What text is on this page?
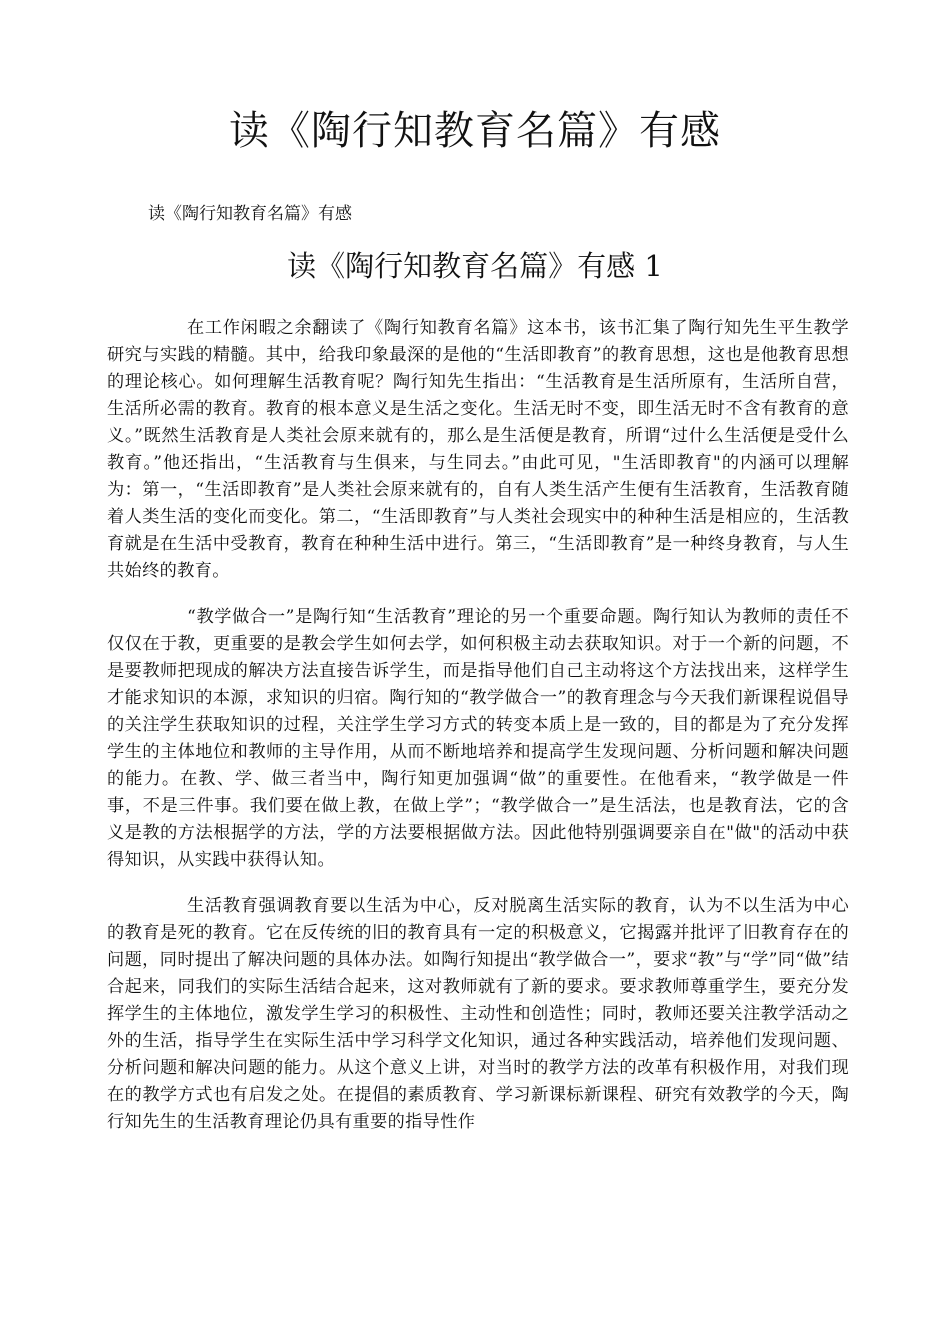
读《陶行知教育名篇》有感

读《陶行知教育名篇》有感

读《陶行知教育名篇》有感 1

在工作闲暇之余翻读了《陶行知教育名篇》这本书，该书汇集了陶行知先生平生教学研究与实践的精髓。其中，给我印象最深的是他的“生活即教育”的教育思想，这也是他教育思想的理论核心。如何理解生活教育呢？陶行知先生指出：“生活教育是生活所原有，生活所自营，生活所必需的教育。教育的根本意义是生活之变化。生活无时不变，即生活无时不含有教育的意义。”既然生活教育是人类社会原来就有的，那么是生活便是教育，所谓“过什么生活便是受什么教育。”他还指出，“生活教育与生俱来，与生同去。”由此可见，"生活即教育"的内涵可以理解为：第一，“生活即教育”是人类社会原来就有的，自有人类生活产生便有生活教育，生活教育随着人类生活的变化而变化。第二，“生活即教育”与人类社会现实中的种种生活是相应的，生活教育就是在生活中受教育，教育在种种生活中进行。第三，“生活即教育”是一种终身教育，与人生共始终的教育。

“教学做合一”是陶行知“生活教育”理论的另一个重要命题。陶行知认为教师的责任不仅仅在于教，更重要的是教会学生如何去学，如何积极主动去获取知识。对于一个新的问题，不是要教师把现成的解决方法直接告诉学生，而是指导他们自己主动将这个方法找出来，这样学生才能求知识的本源，求知识的归宿。陶行知的“教学做合一”的教育理念与今天我们新课程说倡导的关注学生获取知识的过程，关注学生学习方式的转变本质上是一致的，目的都是为了充分发挥学生的主体地位和教师的主导作用，从而不断地培养和提高学生发现问题、分析问题和解决问题的能力。在教、学、做三者当中，陶行知更加强调“做”的重要性。在他看来，“教学做是一件事，不是三件事。我们要在做上教，在做上学”；“教学做合一”是生活法，也是教育法，它的含义是教的方法根据学的方法，学的方法要根据做方法。因此他特别强调要亲自在"做"的活动中获得知识，从实践中获得认知。

生活教育强调教育要以生活为中心，反对脱离生活实际的教育，认为不以生活为中心的教育是死的教育。它在反传统的旧的教育具有一定的积极意义，它揭露并批评了旧教育存在的问题，同时提出了解决问题的具体办法。如陶行知提出“教学做合一”，要求“教”与“学”同“做”结合起来，同我们的实际生活结合起来，这对教师就有了新的要求。要求教师尊重学生，要充分发挥学生的主体地位，激发学生学习的积极性、主动性和创造性；同时，教师还要关注教学活动之外的生活，指导学生在实际生活中学习科学文化知识，通过各种实践活动，培养他们发现问题、分析问题和解决问题的能力。从这个意义上讲，对当时的教学方法的改革有积极作用，对我们现在的教学方式也有启发之处。在提倡的素质教育、学习新课标新课程、研究有效教学的今天，陶行知先生的生活教育理论仍具有重要的指导性作
